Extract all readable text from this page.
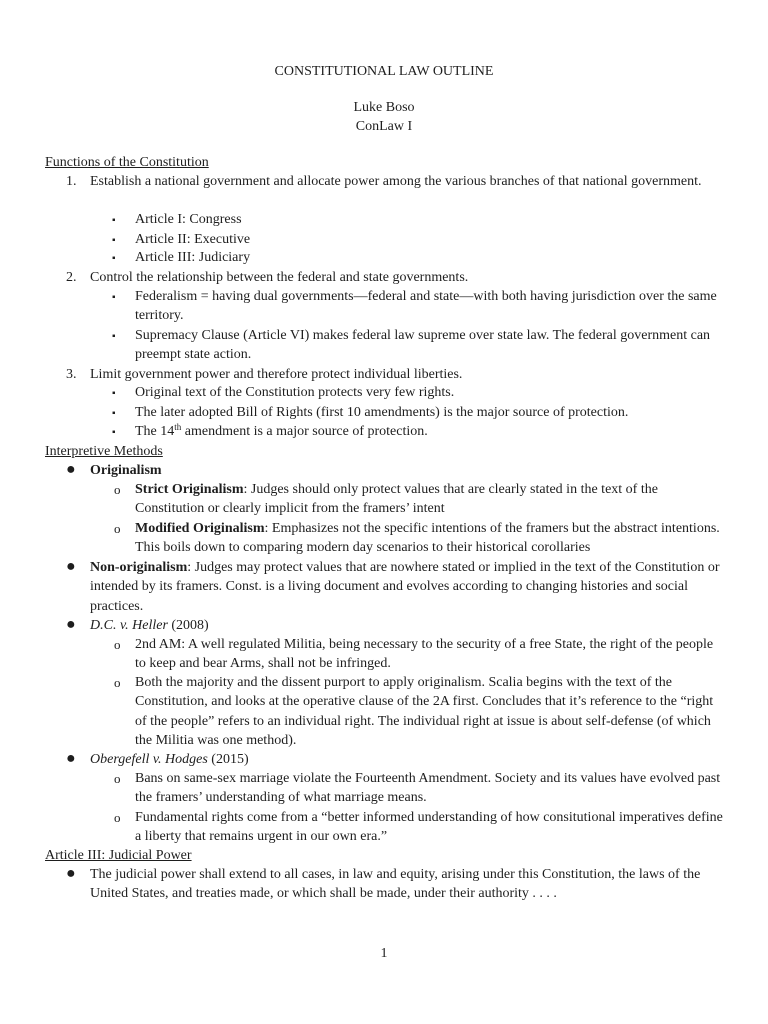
CONSTITUTIONAL LAW OUTLINE
Luke Boso
ConLaw I
Functions of the Constitution
1. Establish a national government and allocate power among the various branches of that national government.
▪ Article I: Congress
▪ Article II: Executive
▪ Article III: Judiciary
2. Control the relationship between the federal and state governments.
▪ Federalism = having dual governments—federal and state—with both having jurisdiction over the same territory.
▪ Supremacy Clause (Article VI) makes federal law supreme over state law. The federal government can preempt state action.
3. Limit government power and therefore protect individual liberties.
▪ Original text of the Constitution protects very few rights.
▪ The later adopted Bill of Rights (first 10 amendments) is the major source of protection.
▪ The 14th amendment is a major source of protection.
Interpretive Methods
● Originalism
o Strict Originalism: Judges should only protect values that are clearly stated in the text of the Constitution or clearly implicit from the framers’ intent
o Modified Originalism: Emphasizes not the specific intentions of the framers but the abstract intentions. This boils down to comparing modern day scenarios to their historical corollaries
● Non-originalism: Judges may protect values that are nowhere stated or implied in the text of the Constitution or intended by its framers. Const. is a living document and evolves according to changing histories and social practices.
● D.C. v. Heller (2008)
o 2nd AM: A well regulated Militia, being necessary to the security of a free State, the right of the people to keep and bear Arms, shall not be infringed.
o Both the majority and the dissent purport to apply originalism. Scalia begins with the text of the Constitution, and looks at the operative clause of the 2A first. Concludes that it’s reference to the “right of the people” refers to an individual right. The individual right at issue is about self-defense (of which the Militia was one method).
● Obergefell v. Hodges (2015)
o Bans on same-sex marriage violate the Fourteenth Amendment. Society and its values have evolved past the framers’ understanding of what marriage means.
o Fundamental rights come from a “better informed understanding of how consitutional imperatives define a liberty that remains urgent in our own era.”
Article III: Judicial Power
● The judicial power shall extend to all cases, in law and equity, arising under this Constitution, the laws of the United States, and treaties made, or which shall be made, under their authority . . . .
1
